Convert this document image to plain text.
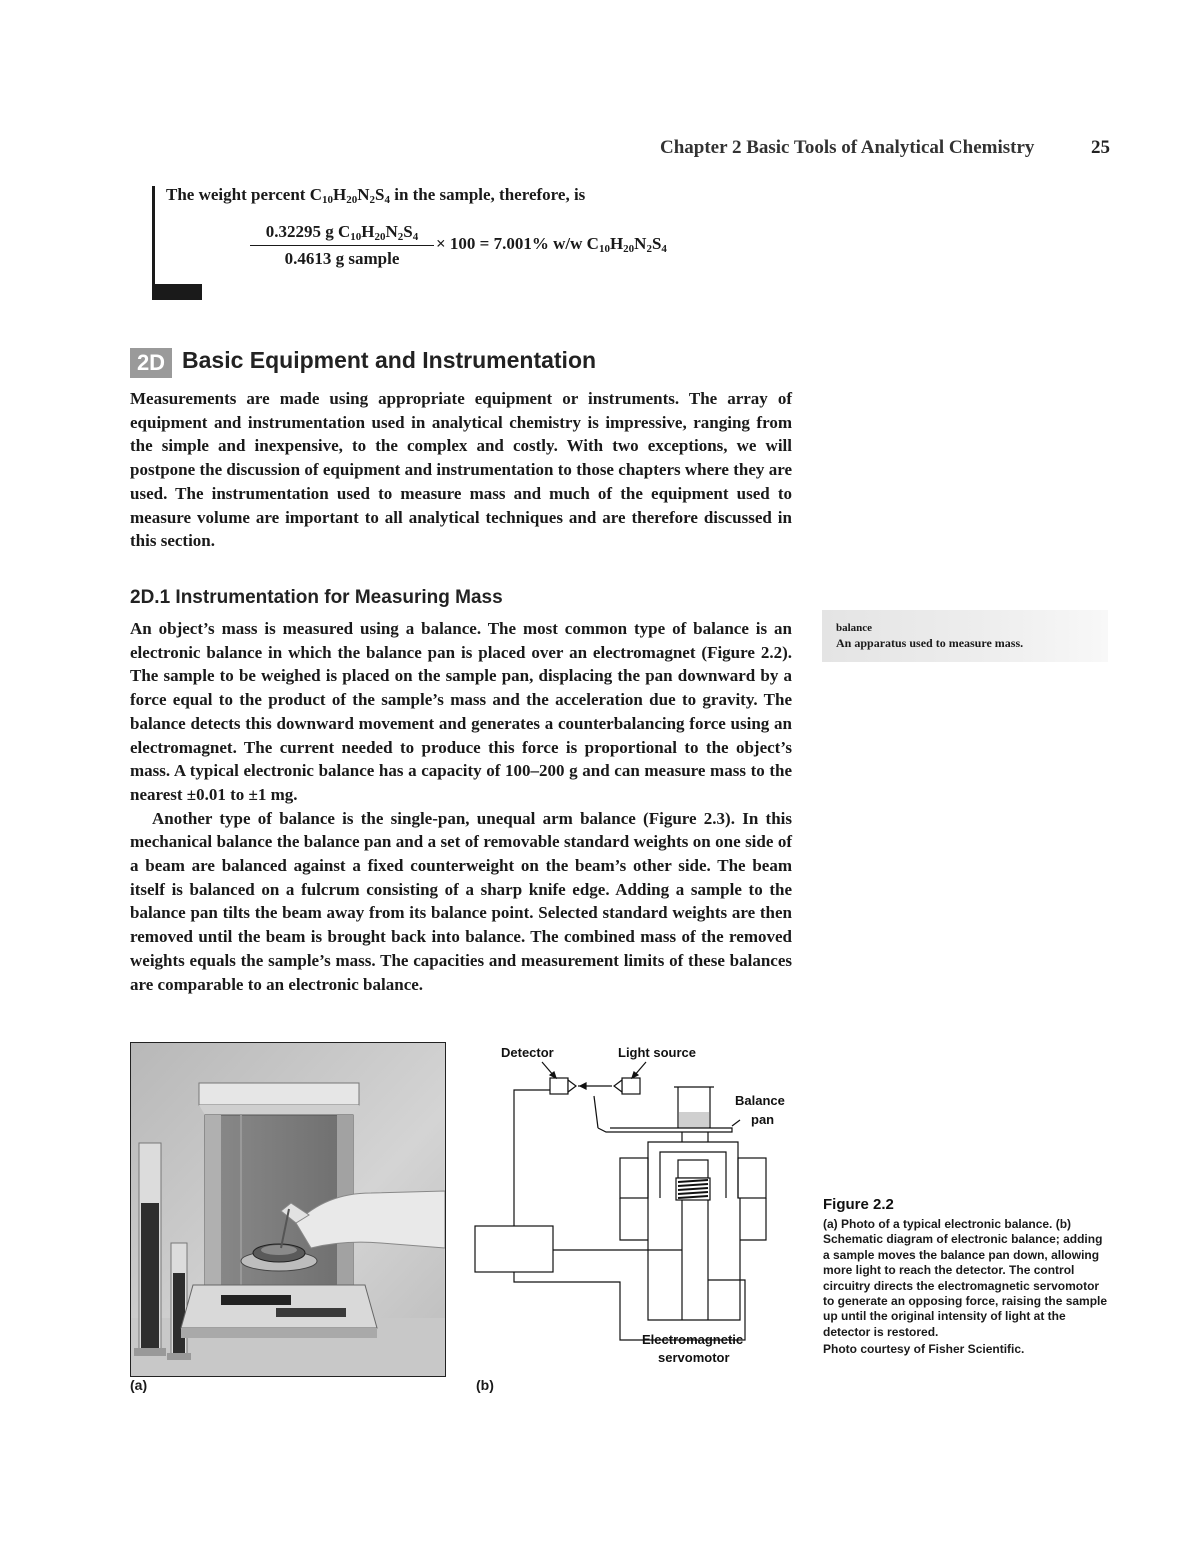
Chapter 2 Basic Tools of Analytical Chemistry	25
The weight percent $C_{10}H_{20}N_2S_4$ in the sample, therefore, is
0.32295 g $C_{10}H_{20}N_2S_4$
0.4613 g sample
× 100 = 7.001% w/w $C_{10}H_{20}N_2S_4$
2D Basic Equipment and Instrumentation

Measurements are made using appropriate equipment or instruments. The array of equipment and instrumentation used in analytical chemistry is impressive, ranging from the simple and inexpensive, to the complex and costly. With two exceptions, we will postpone the discussion of equipment and instrumentation to those chapters where they are used. The instrumentation used to measure mass and much of the equipment used to measure volume are important to all analytical techniques and are therefore discussed in this section.

2D.1 Instrumentation for Measuring Mass

An object’s mass is measured using a balance. The most common type of balance is an electronic balance in which the balance pan is placed over an electromagnet (Figure 2.2). The sample to be weighed is placed on the sample pan, displacing the pan downward by a force equal to the product of the sample’s mass and the acceleration due to gravity. The balance detects this downward movement and generates a counterbalancing force using an electromagnet. The current needed to produce this force is proportional to the object’s mass. A typical electronic balance has a capacity of 100–200 g and can measure mass to the nearest ±0.01 to ±1 mg.

Another type of balance is the single-pan, unequal arm balance (Figure 2.3). In this mechanical balance the balance pan and a set of removable standard weights on one side of a beam are balanced against a fixed counterweight on the beam’s other side. The beam itself is balanced on a fulcrum consisting of a sharp knife edge. Adding a sample to the balance pan tilts the beam away from its balance point. Selected standard weights are then removed until the beam is brought back into balance. The combined mass of the removed weights equals the sample’s mass. The capacities and measurement limits of these balances are comparable to an electronic balance.

balance

An apparatus used to measure mass.

(a)	(b)
Detector	Light source
Balance
pan
Electromagnetic
servomotor

Figure 2.2

(a) Photo of a typical electronic balance. (b) Schematic diagram of electronic balance; adding a sample moves the balance pan down, allowing more light to reach the detector. The control circuitry directs the electromagnetic servomotor to generate an opposing force, raising the sample up until the original intensity of light at the detector is restored.

Photo courtesy of Fisher Scientific.
